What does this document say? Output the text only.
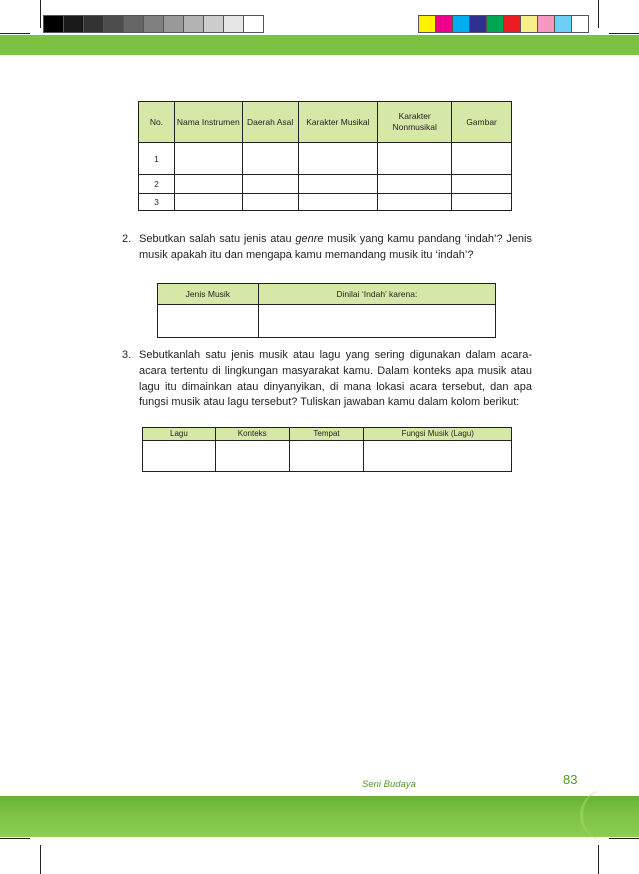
No.	Nama Instrumen	Daerah Asal	Karakter Musikal	Karakter Nonmusikal	Gambar
1					
2					
3					
2. Sebutkan salah satu jenis atau genre musik yang kamu pandang ‘indah’? Jenis musik apakah itu dan mengapa kamu memandang musik itu ‘indah’?
Jenis Musik	Dinilai ‘Indah’ karena:

3. Sebutkanlah satu jenis musik atau lagu yang sering digunakan dalam acara-acara tertentu di lingkungan masyarakat kamu. Dalam konteks apa musik atau lagu itu dimainkan atau dinyanyikan, di mana lokasi acara tersebut, dan apa fungsi musik atau lagu tersebut? Tuliskan jawaban kamu dalam kolom berikut:
Lagu	Konteks	Tempat	Fungsi Musik (Lagu)

Seni Budaya	83
